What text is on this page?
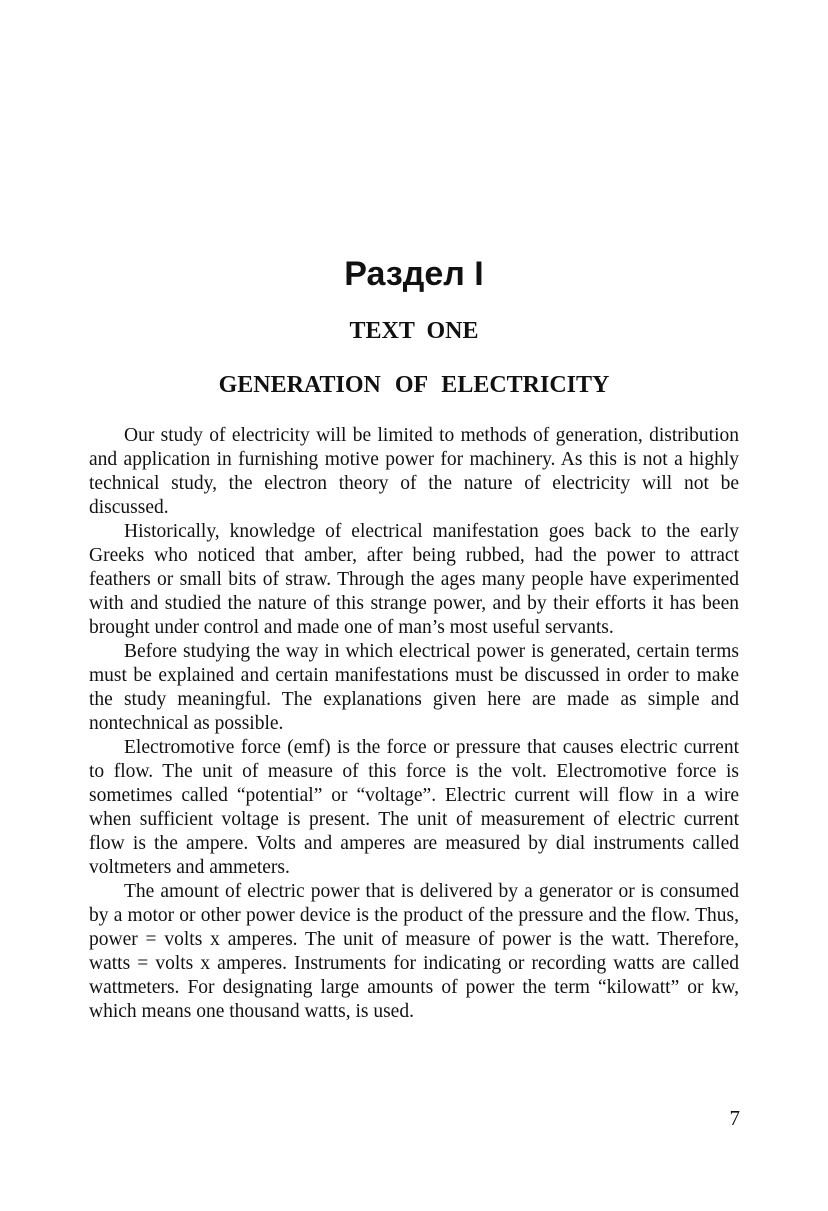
Раздел I
TEXT ONE
GENERATION OF ELECTRICITY

Our study of electricity will be limited to methods of generation, distribution and application in furnishing motive power for machinery. As this is not a highly technical study, the electron theory of the nature of electricity will not be discussed.

Historically, knowledge of electrical manifestation goes back to the early Greeks who noticed that amber, after being rubbed, had the power to attract feathers or small bits of straw. Through the ages many people have experimented with and studied the nature of this strange power, and by their efforts it has been brought under control and made one of man’s most useful servants.

Before studying the way in which electrical power is generated, certain terms must be explained and certain manifestations must be discussed in order to make the study meaningful. The explanations given here are made as simple and nontechnical as possible.

Electromotive force (emf) is the force or pressure that causes electric current to flow. The unit of measure of this force is the volt. Electromotive force is sometimes called “potential” or “voltage”. Electric current will flow in a wire when sufficient voltage is present. The unit of measurement of electric current flow is the ampere. Volts and amperes are measured by dial instruments called voltmeters and ammeters.

The amount of electric power that is delivered by a generator or is consumed by a motor or other power device is the product of the pressure and the flow. Thus, power = volts x amperes. The unit of measure of power is the watt. Therefore, watts = volts x amperes. Instruments for indicating or recording watts are called wattmeters. For designating large amounts of power the term “kilowatt” or kw, which means one thousand watts, is used.

7
